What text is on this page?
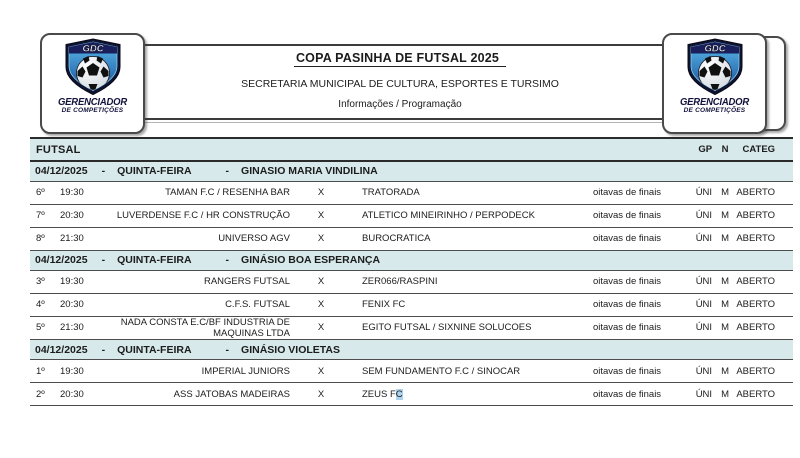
COPA PASINHA DE FUTSAL 2025
SECRETARIA MUNICIPAL DE CULTURA, ESPORTES E TURSIMO
Informações / Programação
GDC
GERENCIADOR
DE COMPETIÇÕES
GDC
GERENCIADOR
DE COMPETIÇÕES
FUTSAL						GP	N	CATEG
04/12/2025 - QUINTA-FEIRA - GINASIO MARIA VINDILINA								
6º	19:30	TAMAN F.C / RESENHA BAR	X	TRATORADA	oitavas de finais	ÚNI	M	ABERTO
7º	20:30	LUVERDENSE F.C / HR CONSTRUÇÃO	X	ATLETICO MINEIRINHO / PERPODECK	oitavas de finais	ÚNI	M	ABERTO
8º	21:30	UNIVERSO AGV	X	BUROCRATICA	oitavas de finais	ÚNI	M	ABERTO
04/12/2025 - QUINTA-FEIRA - GINÁSIO BOA ESPERANÇA								
3º	19:30	RANGERS FUTSAL	X	ZER066/RASPINI	oitavas de finais	ÚNI	M	ABERTO
4º	20:30	C.F.S. FUTSAL	X	FENIX FC	oitavas de finais	ÚNI	M	ABERTO
5º	21:30	NADA CONSTA E.C/BF INDUSTRIA DE MAQUINAS LTDA	X	EGITO FUTSAL / SIXNINE SOLUCOES	oitavas de finais	ÚNI	M	ABERTO
04/12/2025 - QUINTA-FEIRA - GINÁSIO VIOLETAS								
1º	19:30	IMPERIAL JUNIORS	X	SEM FUNDAMENTO F.C / SINOCAR	oitavas de finais	ÚNI	M	ABERTO
2º	20:30	ASS JATOBAS MADEIRAS	X	ZEUS FC	oitavas de finais	ÚNI	M	ABERTO
